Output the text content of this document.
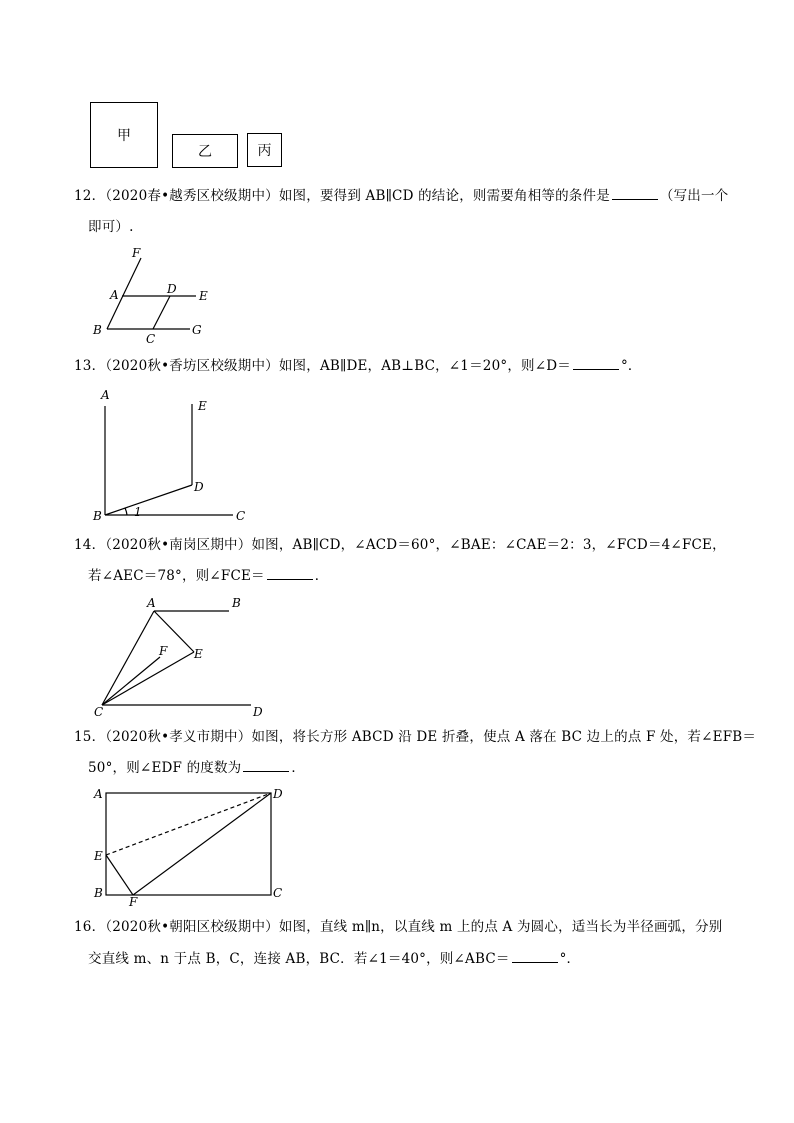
甲
乙	丙
12．（2020春•越秀区校级期中）如图，要得到 AB∥CD 的结论，则需要角相等的条件是	（写出一个
即可）.
F
A	D E
B
C
G
13．（2020秋•香坊区校级期中）如图，AB∥DE，AB⊥BC，∠1＝20°，则∠D＝	°．
A
E
D
B	1	C
14．（2020秋•南岗区期中）如图，AB∥CD，∠ACD＝60°，∠BAE：∠CAE＝2：3，∠FCD＝4∠FCE，
若∠AEC＝78°，则∠FCE＝	．
A	B
F E
C	D
15．（2020秋•孝义市期中）如图，将长方形 ABCD 沿 DE 折叠，使点 A 落在 BC 边上的点 F 处，若∠EFB＝
50°，则∠EDF 的度数为	．
A	D
E
B
F
C
16．（2020秋•朝阳区校级期中）如图，直线 m∥n，以直线 m 上的点 A 为圆心，适当长为半径画弧，分别
交直线 m、n 于点 B，C，连接 AB，BC．若∠1＝40°，则∠ABC＝	°．
